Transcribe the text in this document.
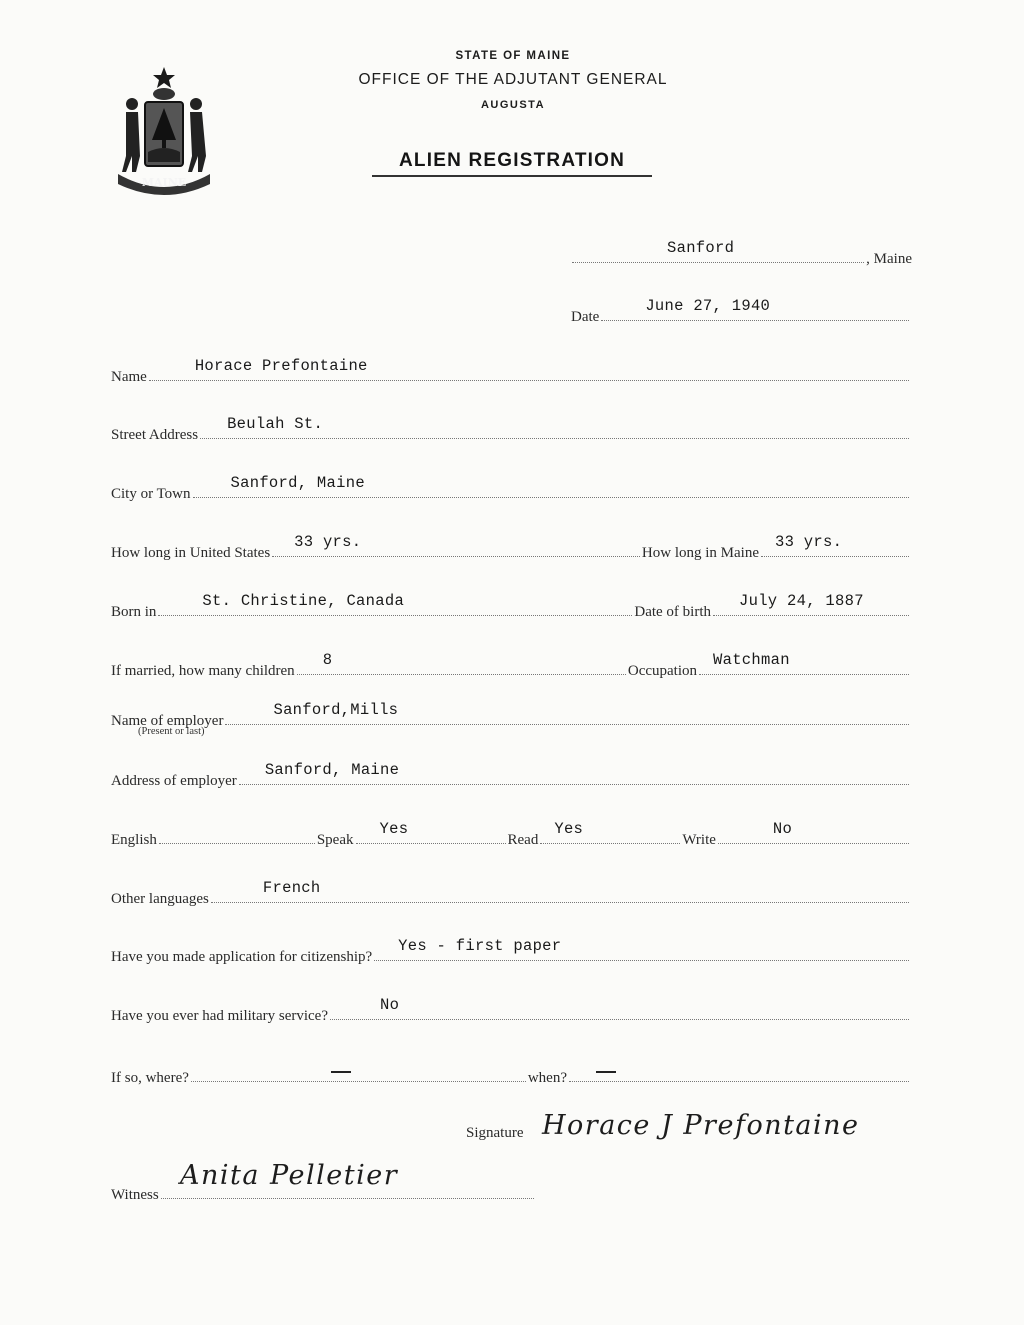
MAINE
STATE OF MAINE
OFFICE OF THE ADJUTANT GENERAL
AUGUSTA
ALIEN REGISTRATION
Sanford
, Maine
Date
June 27, 1940
Name
Horace Prefontaine
Street Address
Beulah St.
City or Town
Sanford, Maine
How long in United States
33 yrs.
How long in Maine
33 yrs.
Born in
St. Christine, Canada
Date of birth
July 24, 1887
If married, how many children
8
Occupation
Watchman
Name of employer
Sanford,Mills
(Present or last)
Address of employer
Sanford, Maine
English	Speak
Yes
Read
Yes
Write
No
Other languages
French
Have you made application for citizenship?
Yes - first paper
Have you ever had military service?
No
If so, where?	when?
Signature Horace J Prefontaine
Witness
Anita Pelletier
